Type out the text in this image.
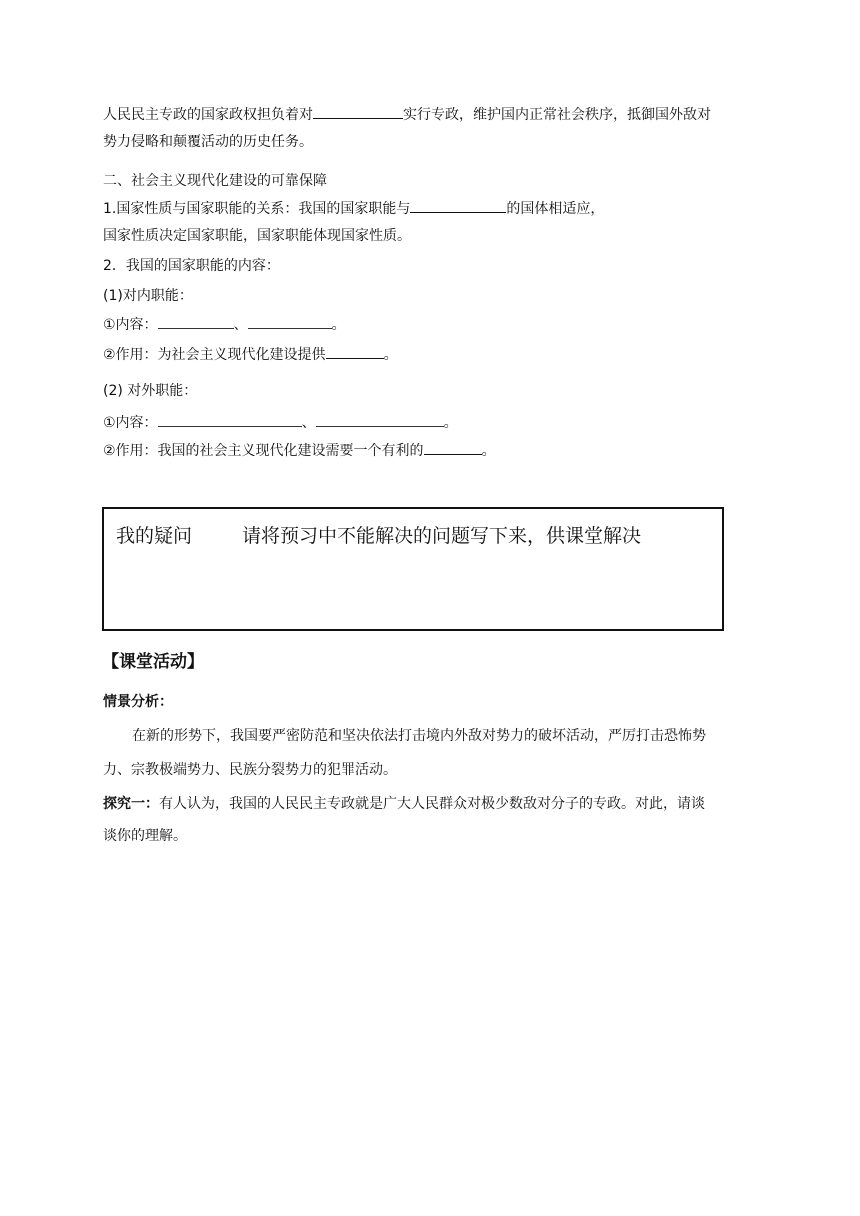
人民民主专政的国家政权担负着对	实行专政，维护国内正常社会秩序，抵御国外敌对
势力侵略和颠覆活动的历史任务。
二、社会主义现代化建设的可靠保障
1.国家性质与国家职能的关系：我国的国家职能与	的国体相适应，
国家性质决定国家职能，国家职能体现国家性质。
2．我国的国家职能的内容：
(1)对内职能：
①内容：	、	。
②作用：为社会主义现代化建设提供	。
(2) 对外职能：
①内容：	、	。
②作用：我国的社会主义现代化建设需要一个有利的	。
我的疑问	请将预习中不能解决的问题写下来，供课堂解决
【课堂活动】
情景分析：
在新的形势下，我国要严密防范和坚决依法打击境内外敌对势力的破坏活动，严厉打击恐怖势
力、宗教极端势力、民族分裂势力的犯罪活动。
探究一：有人认为，我国的人民民主专政就是广大人民群众对极少数敌对分子的专政。对此，请谈
谈你的理解。
